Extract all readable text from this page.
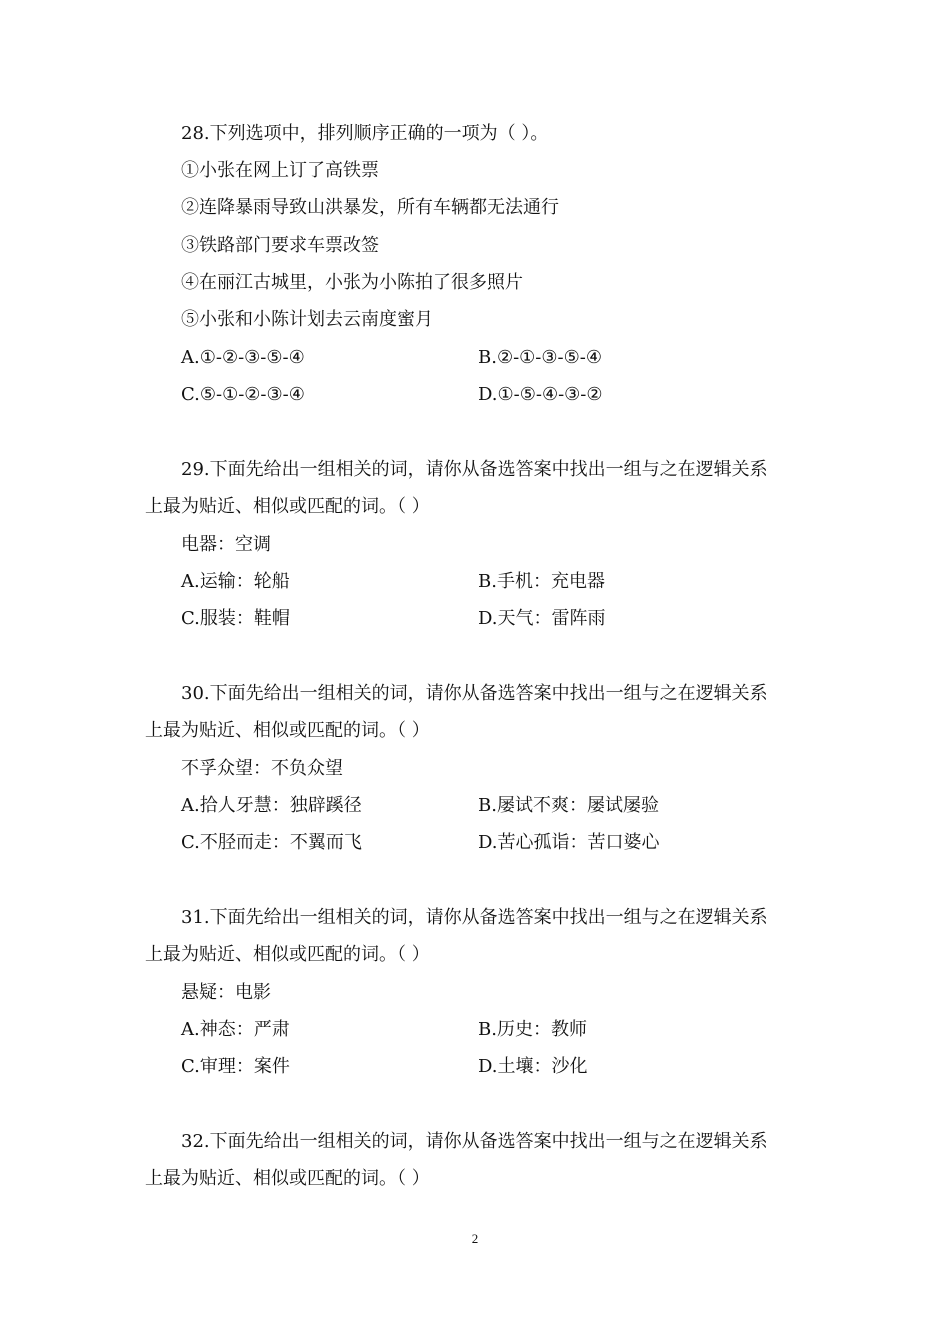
28.下列选项中，排列顺序正确的一项为（ ）。
①小张在网上订了高铁票
②连降暴雨导致山洪暴发，所有车辆都无法通行
③铁路部门要求车票改签
④在丽江古城里，小张为小陈拍了很多照片
⑤小张和小陈计划去云南度蜜月
A.①-②-③-⑤-④	B.②-①-③-⑤-④
C.⑤-①-②-③-④	D.①-⑤-④-③-②
29.下面先给出一组相关的词，请你从备选答案中找出一组与之在逻辑关系
上最为贴近、相似或匹配的词。（ ）
电器：空调
A.运输：轮船	B.手机：充电器
C.服装：鞋帽	D.天气：雷阵雨
30.下面先给出一组相关的词，请你从备选答案中找出一组与之在逻辑关系
上最为贴近、相似或匹配的词。（ ）
不孚众望：不负众望
A.拾人牙慧：独辟蹊径	B.屡试不爽：屡试屡验
C.不胫而走：不翼而飞	D.苦心孤诣：苦口婆心
31.下面先给出一组相关的词，请你从备选答案中找出一组与之在逻辑关系
上最为贴近、相似或匹配的词。（ ）
悬疑：电影
A.神态：严肃	B.历史：教师
C.审理：案件	D.土壤：沙化
32.下面先给出一组相关的词，请你从备选答案中找出一组与之在逻辑关系
上最为贴近、相似或匹配的词。（ ）
2
